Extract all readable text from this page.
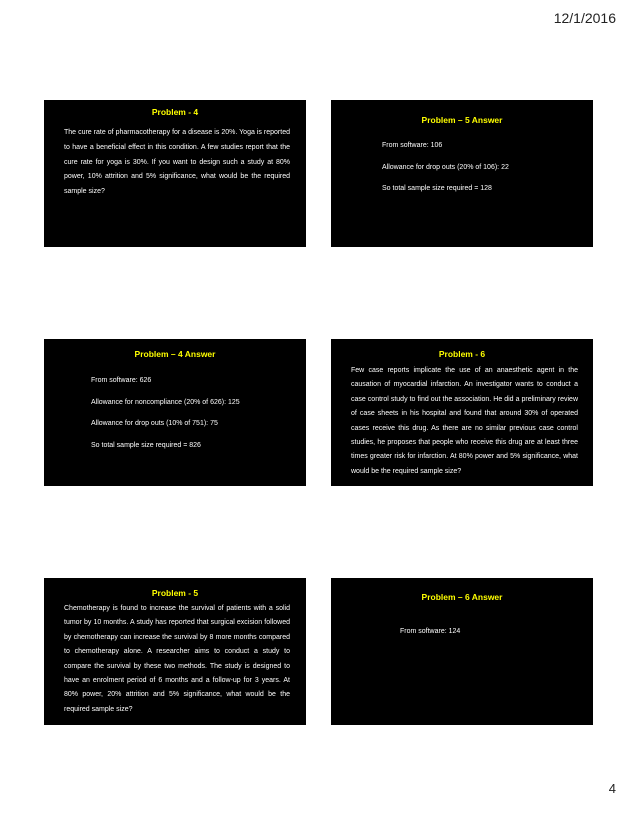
12/1/2016
Problem - 4
The cure rate of pharmacotherapy for a disease is 20%. Yoga is reported to have a beneficial effect in this condition. A few studies report that the cure rate for yoga is 30%. If you want to design such a study at 80% power, 10% attrition and 5% significance, what would be the required sample size?
Problem – 5 Answer
From software: 106
Allowance for drop outs (20% of 106): 22
So total sample size required = 128
Problem – 4 Answer
From software: 626
Allowance for noncompliance (20% of 626): 125
Allowance for drop outs (10% of 751): 75
So total sample size required = 826
Problem - 6
Few case reports implicate the use of an anaesthetic agent in the causation of myocardial infarction. An investigator wants to conduct a case control study to find out the association. He did a preliminary review of case sheets in his hospital and found that around 30% of operated cases receive this drug. As there are no similar previous case control studies, he proposes that people who receive this drug are at least three times greater risk for infarction. At 80% power and 5% significance, what would be the required sample size?
Problem - 5
Chemotherapy is found to increase the survival of patients with a solid tumor by 10 months. A study has reported that surgical excision followed by chemotherapy can increase the survival by 8 more months compared to chemotherapy alone. A researcher aims to conduct a study to compare the survival by these two methods. The study is designed to have an enrolment period of 6 months and a follow-up for 3 years. At 80% power, 20% attrition and 5% significance, what would be the required sample size?
Problem – 6 Answer
From software: 124
4
